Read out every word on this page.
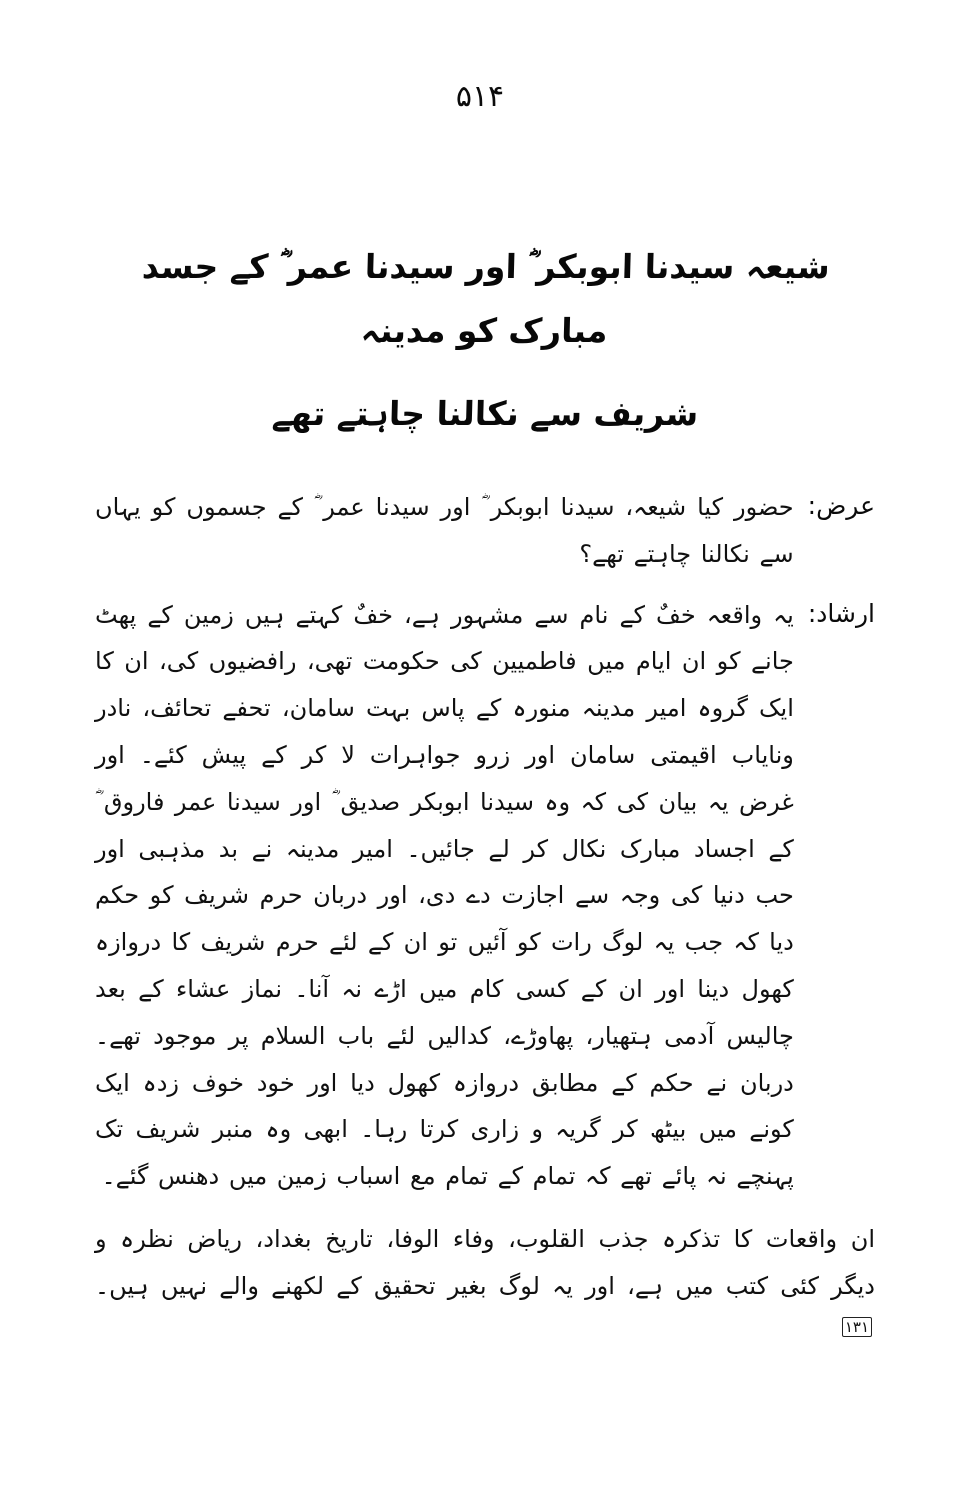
۵۱۴
شیعہ سیدنا ابوبکر ؓ اور سیدنا عمر ؓ کے جسد مبارک کو مدینہ
شریف سے نکالنا چاہتے تھے
عرض:
حضور کیا شیعہ، سیدنا ابوبکر ؓ اور سیدنا عمر ؓ کے جسموں کو یہاں سے نکالنا چاہتے تھے؟
ارشاد:
یہ واقعہ خفٌ کے نام سے مشہور ہے، خفٌ کہتے ہیں زمین کے پھٹ جانے کو ان ایام میں فاطمیین کی حکومت تھی، رافضیوں کی، ان کا ایک گروہ امیر مدینہ منورہ کے پاس بہت سامان، تحفے تحائف، نادر ونایاب اقیمتی سامان اور زرو جواہرات لا کر کے پیش کئے۔ اور غرض یہ بیان کی کہ وہ سیدنا ابوبکر صدیق ؓ اور سیدنا عمر فاروق ؓ کے اجساد مبارک نکال کر لے جائیں۔ امیر مدینہ نے بد مذہبی اور حب دنیا کی وجہ سے اجازت دے دی، اور دربان حرم شریف کو حکم دیا کہ جب یہ لوگ رات کو آئیں تو ان کے لئے حرم شریف کا دروازہ کھول دینا اور ان کے کسی کام میں اڑے نہ آنا۔ نماز عشاء کے بعد چالیس آدمی ہتھیار، پھاوڑے، کدالیں لئے باب السلام پر موجود تھے۔ دربان نے حکم کے مطابق دروازہ کھول دیا اور خود خوف زدہ ایک کونے میں بیٹھ کر گریہ و زاری کرتا رہا۔ ابھی وہ منبر شریف تک پہنچے نہ پائے تھے کہ تمام کے تمام مع اسباب زمین میں دھنس گئے۔

ان واقعات کا تذکرہ جذب القلوب، وفاء الوفا، تاریخ بغداد، ریاض نظرہ و دیگر کئی کتب میں ہے، اور یہ لوگ بغیر تحقیق کے لکھنے والے نہیں ہیں۔ ۱۳۱
